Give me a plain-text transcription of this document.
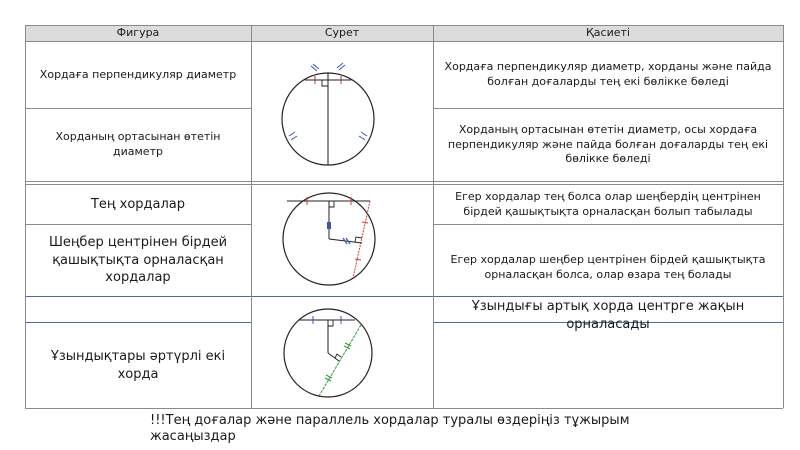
Фигура	Сурет	Қасиеті
Хордаға перпендикуляр диаметр
Хордаға перпендикуляр диаметр, хорданы және пайда болған доғаларды тең екі бөлікке бөледі
Хорданың ортасынан өтетін диаметр
Хорданың ортасынан өтетін диаметр, осы хордаға перпендикуляр және пайда болған доғаларды тең екі бөлікке бөледі
Тең хордалар
Егер хордалар тең болса олар шеңбердің центрінен бірдей қашықтықта орналасқан болып табылады
Шеңбер центрінен бірдей қашықтықта орналасқан хордалар
Егер хордалар шеңбер центрінен бірдей қашықтықта орналасқан болса, олар өзара тең болады
Ұзындығы артық хорда центрге жақын орналасады
Ұзындықтары әртүрлі екі хорда
!!!Тең доғалар және параллель хордалар туралы өздеріңіз тұжырым жасаңыздар
